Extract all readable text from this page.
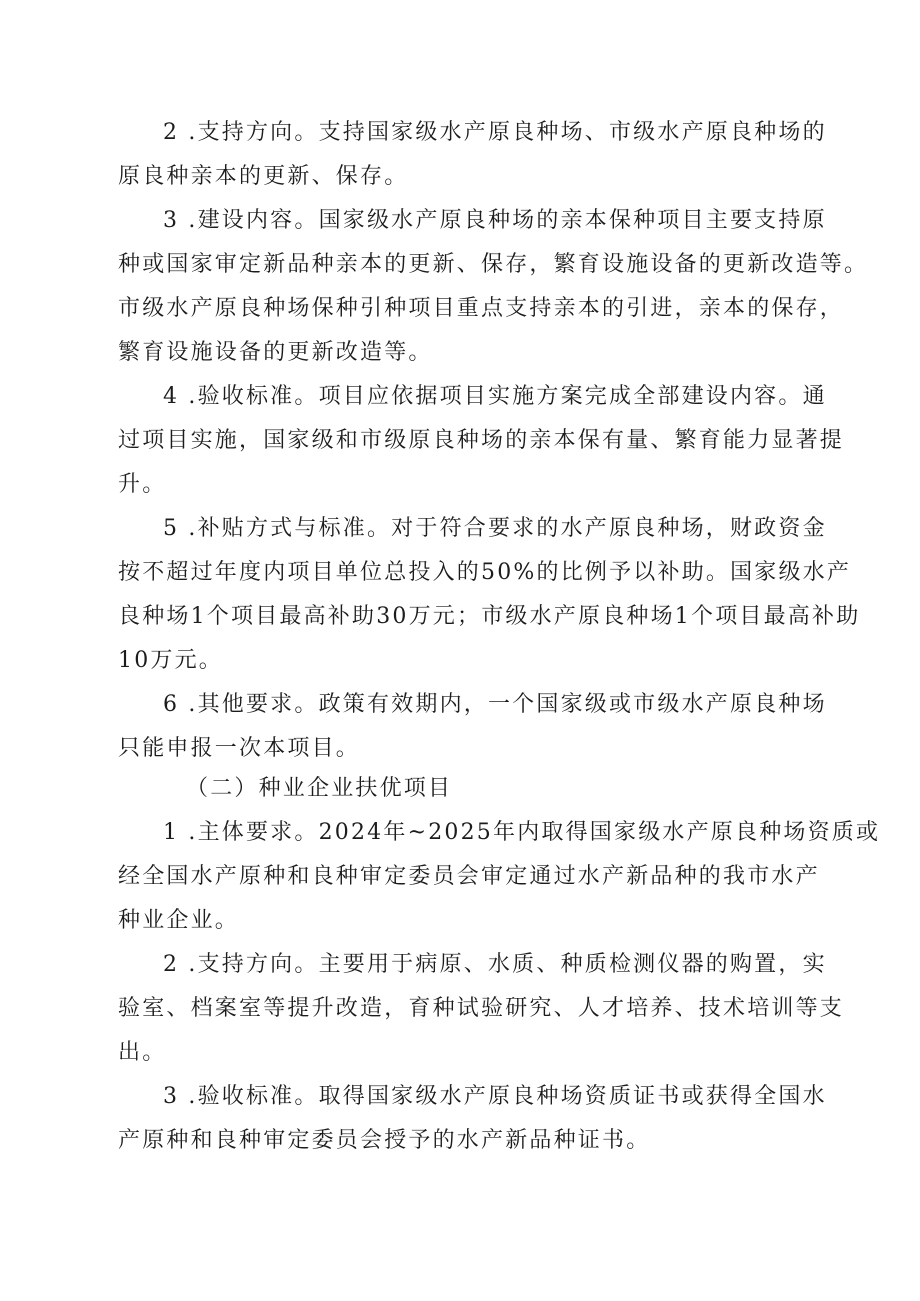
2 .支持方向。支持国家级水产原良种场、市级水产原良种场的

原良种亲本的更新、保存。

3 .建设内容。国家级水产原良种场的亲本保种项目主要支持原

种或国家审定新品种亲本的更新、保存，繁育设施设备的更新改造等。

市级水产原良种场保种引种项目重点支持亲本的引进，亲本的保存，

繁育设施设备的更新改造等。

4 .验收标准。项目应依据项目实施方案完成全部建设内容。通

过项目实施，国家级和市级原良种场的亲本保有量、繁育能力显著提

升。

5 .补贴方式与标准。对于符合要求的水产原良种场，财政资金

按不超过年度内项目单位总投入的50%的比例予以补助。国家级水产

良种场1个项目最高补助30万元；市级水产原良种场1个项目最高补助

10万元。

6 .其他要求。政策有效期内，一个国家级或市级水产原良种场

只能申报一次本项目。

（二）种业企业扶优项目

1 .主体要求。2024年~2025年内取得国家级水产原良种场资质或

经全国水产原种和良种审定委员会审定通过水产新品种的我市水产

种业企业。

2 .支持方向。主要用于病原、水质、种质检测仪器的购置，实

验室、档案室等提升改造，育种试验研究、人才培养、技术培训等支

出。

3 .验收标准。取得国家级水产原良种场资质证书或获得全国水

产原种和良种审定委员会授予的水产新品种证书。
